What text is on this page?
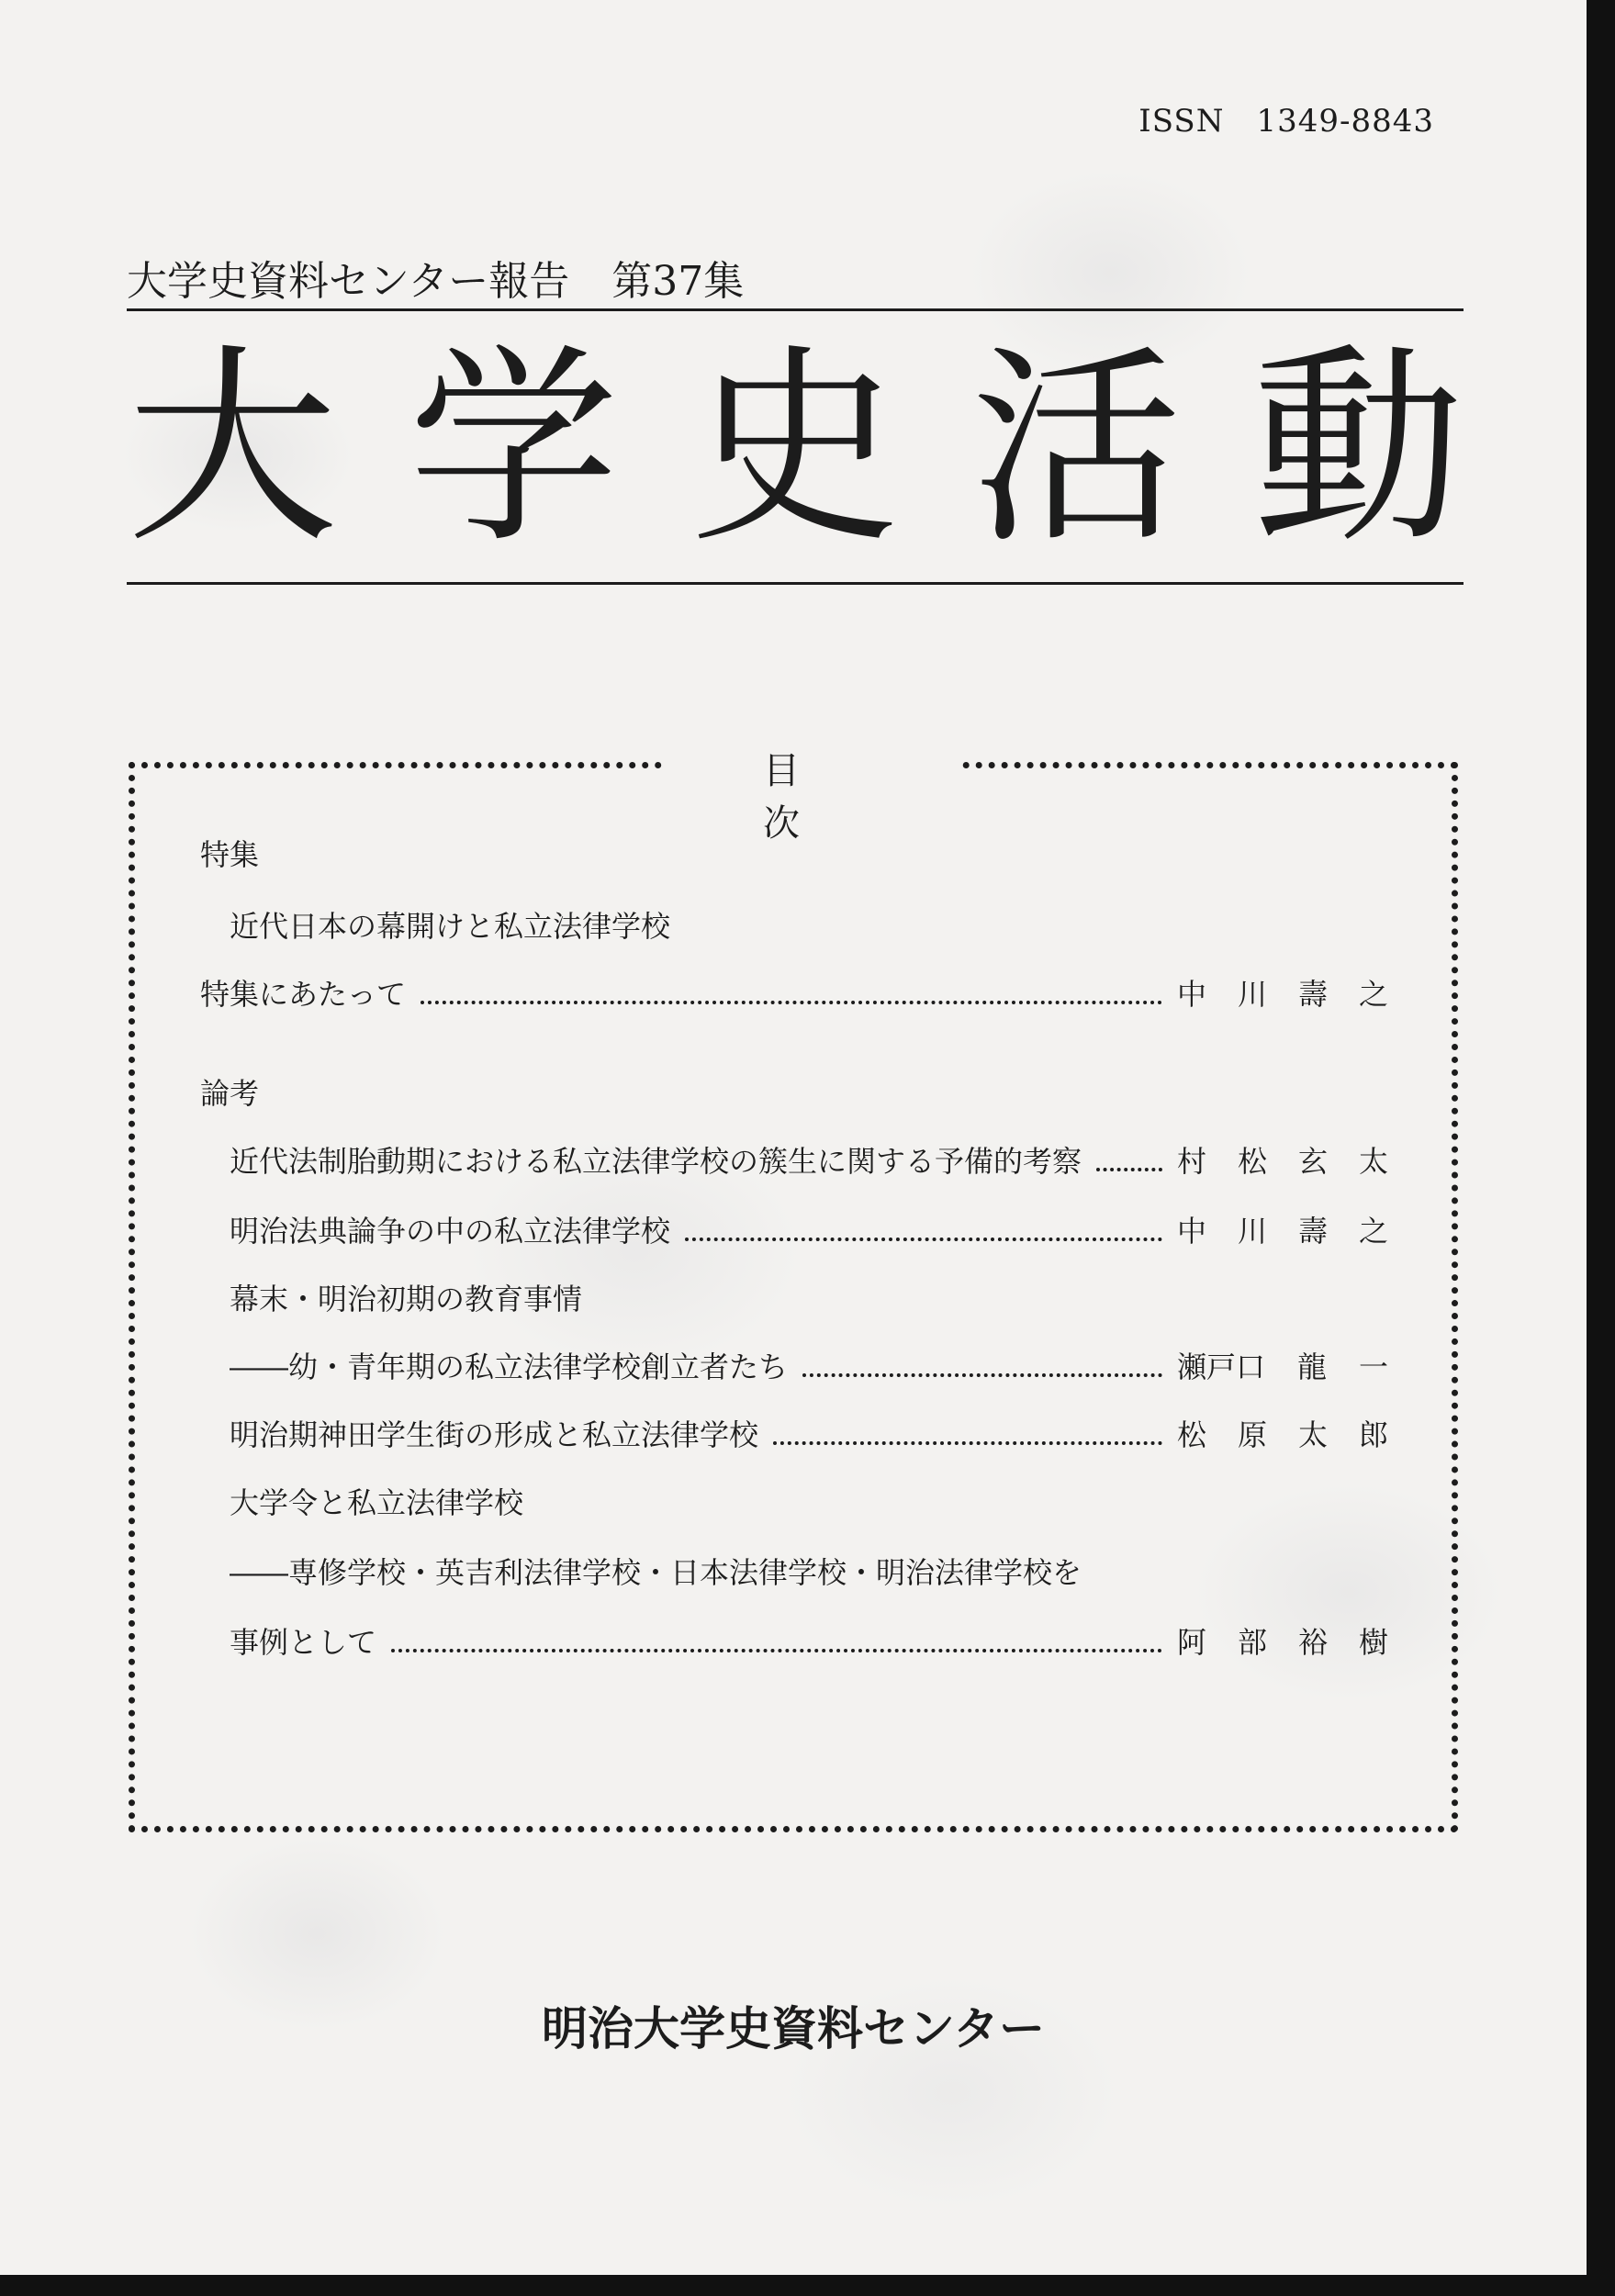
ISSN　1349-8843
大学史資料センター報告 第37集
大 学 史 活 動
目次
特集
近代日本の幕開けと私立法律学校
特集にあたって	中 川 壽 之
論考
近代法制胎動期における私立法律学校の簇生に関する予備的考察	村 松 玄 太
明治法典論争の中の私立法律学校	中 川 壽 之
幕末・明治初期の教育事情
――幼・青年期の私立法律学校創立者たち	瀬戸口 龍 一
明治期神田学生街の形成と私立法律学校	松 原 太 郎
大学令と私立法律学校
――専修学校・英吉利法律学校・日本法律学校・明治法律学校を
事例として	阿 部 裕 樹
明治大学史資料センター
